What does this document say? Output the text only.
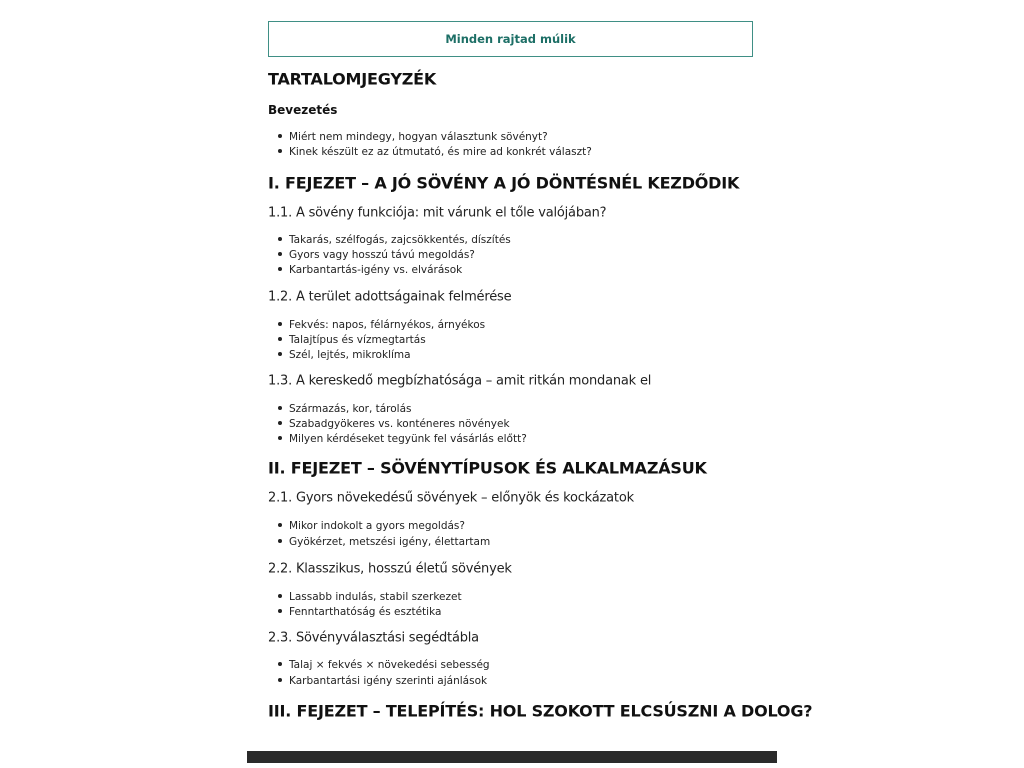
Minden rajtad múlik
TARTALOMJEGYZÉK
Bevezetés
Miért nem mindegy, hogyan választunk sövényt?
Kinek készült ez az útmutató, és mire ad konkrét választ?
I. FEJEZET – A JÓ SÖVÉNY A JÓ DÖNTÉSNÉL KEZDŐDIK
1.1. A sövény funkciója: mit várunk el tőle valójában?
Takarás, szélfogás, zajcsökkentés, díszítés
Gyors vagy hosszú távú megoldás?
Karbantartás-igény vs. elvárások
1.2. A terület adottságainak felmérése
Fekvés: napos, félárnyékos, árnyékos
Talajtípus és vízmegtartás
Szél, lejtés, mikroklíma
1.3. A kereskedő megbízhatósága – amit ritkán mondanak el
Származás, kor, tárolás
Szabadgyökeres vs. konténeres növények
Milyen kérdéseket tegyünk fel vásárlás előtt?
II. FEJEZET – SÖVÉNYTÍPUSOK ÉS ALKALMAZÁSUK
2.1. Gyors növekedésű sövények – előnyök és kockázatok
Mikor indokolt a gyors megoldás?
Gyökérzet, metszési igény, élettartam
2.2. Klasszikus, hosszú életű sövények
Lassabb indulás, stabil szerkezet
Fenntarthatóság és esztétika
2.3. Sövényválasztási segédtábla
Talaj × fekvés × növekedési sebesség
Karbantartási igény szerinti ajánlások
III. FEJEZET – TELEPÍTÉS: HOL SZOKOTT ELCSÚSZNI A DOLOG?
